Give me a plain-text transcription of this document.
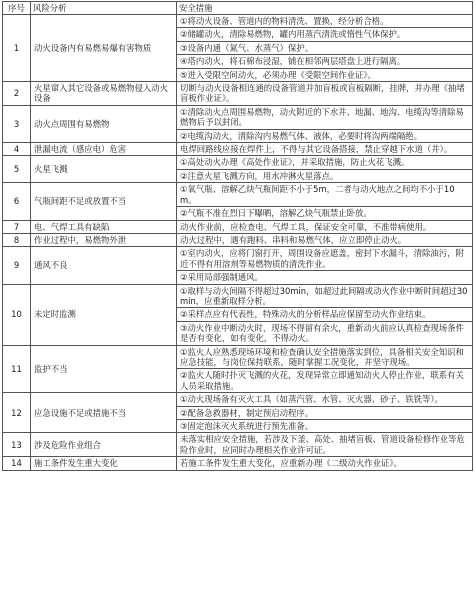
序号	风险分析	安全措施
1	动火设备内有易燃易爆有害物质	①将动火设备、管道内的物料清洗、置换，经分析合格。
②储罐动火，清除易燃物，罐内用蒸汽清洗或惰性气体保护。
③设备内通（氮气、水蒸气）保护。
④塔内动火，将石棉布浸湿，铺在相邻两层塔盘上进行隔离。
⑤进入受限空间动火，必须办理《受限空间作业证》。

2	火星窜入其它设备或易燃物侵入动火设备	切断与动火设备相连通的设备管道并加盲板或盲板隔断，挂牌，并办理《抽堵盲板作业证》。

3	动火点周围有易燃物	①清除动火点周围易燃物，动火附近的下水井、地漏、地沟、电缆沟等清除易燃物后予以封闭。
②电缆沟动火，清除沟内易燃气体、液体，必要时将沟两端隔绝。

4	泄漏电流（感应电）危害	电焊回路线应接在焊件上，不得与其它设备搭接，禁止穿越下水道（井）。

5	火星飞溅	①高处动火办理《高处作业证》，并采取措施，防止火花飞溅。
②注意火星飞溅方向，用水冲淋火星落点。

6	气瓶间距不足或放置不当	①氧气瓶、溶解乙炔气瓶间距不小于5m，二者与动火地点之间均不小于10m。
②气瓶不准在烈日下曝晒，溶解乙炔气瓶禁止卧放。

7	电、气焊工具有缺陷	动火作业前，应检查电、气焊工具，保证安全可靠，不准带病使用。

8	作业过程中，易燃物外泄	动火过程中，遇有跑料、串料和易燃气体，应立即停止动火。

9	通风不良	①室内动火，应将门窗打开，周围设备应遮盖，密封下水漏斗，清除油污，附近不得有用溶剂等易燃物质的清洗作业。
②采用局部强制通风。

10	未定时监测	①取样与动火间隔不得超过30min，如超过此间隔或动火作业中断时间超过30min，应重新取样分析。
②采样点应有代表性，特殊动火的分析样品应保留至动火作业结束。
③动火作业中断动火时，现场不得留有余火，重新动火前应认真检查现场条件是否有变化，如有变化，不得动火。

11	监护不当	①监火人应熟悉现场环境和检查确认安全措施落实到位，具备相关安全知识和应急技能，与岗位保持联系，随时掌握工况变化，并坚守现场。
②监火人随时扑灭飞溅的火花，发现异常立即通知动火人停止作业，联系有关人员采取措施。

12	应急设施不足或措施不当	①动火现场备有灭火工具（如蒸汽管、水管、灭火器、砂子、铁铣等）。
②配备急救器材，制定预启动程序。
③固定泡沫灭火系统进行预先准备。

13	涉及危险作业组合	未落实相应安全措施，若涉及下釜、高处、抽堵盲板、管道设备检修作业等危险作业时，应同时办理相关作业许可证。

14	施工条件发生重大变化	若施工条件发生重大变化，应重新办理《二级动火作业证》。
